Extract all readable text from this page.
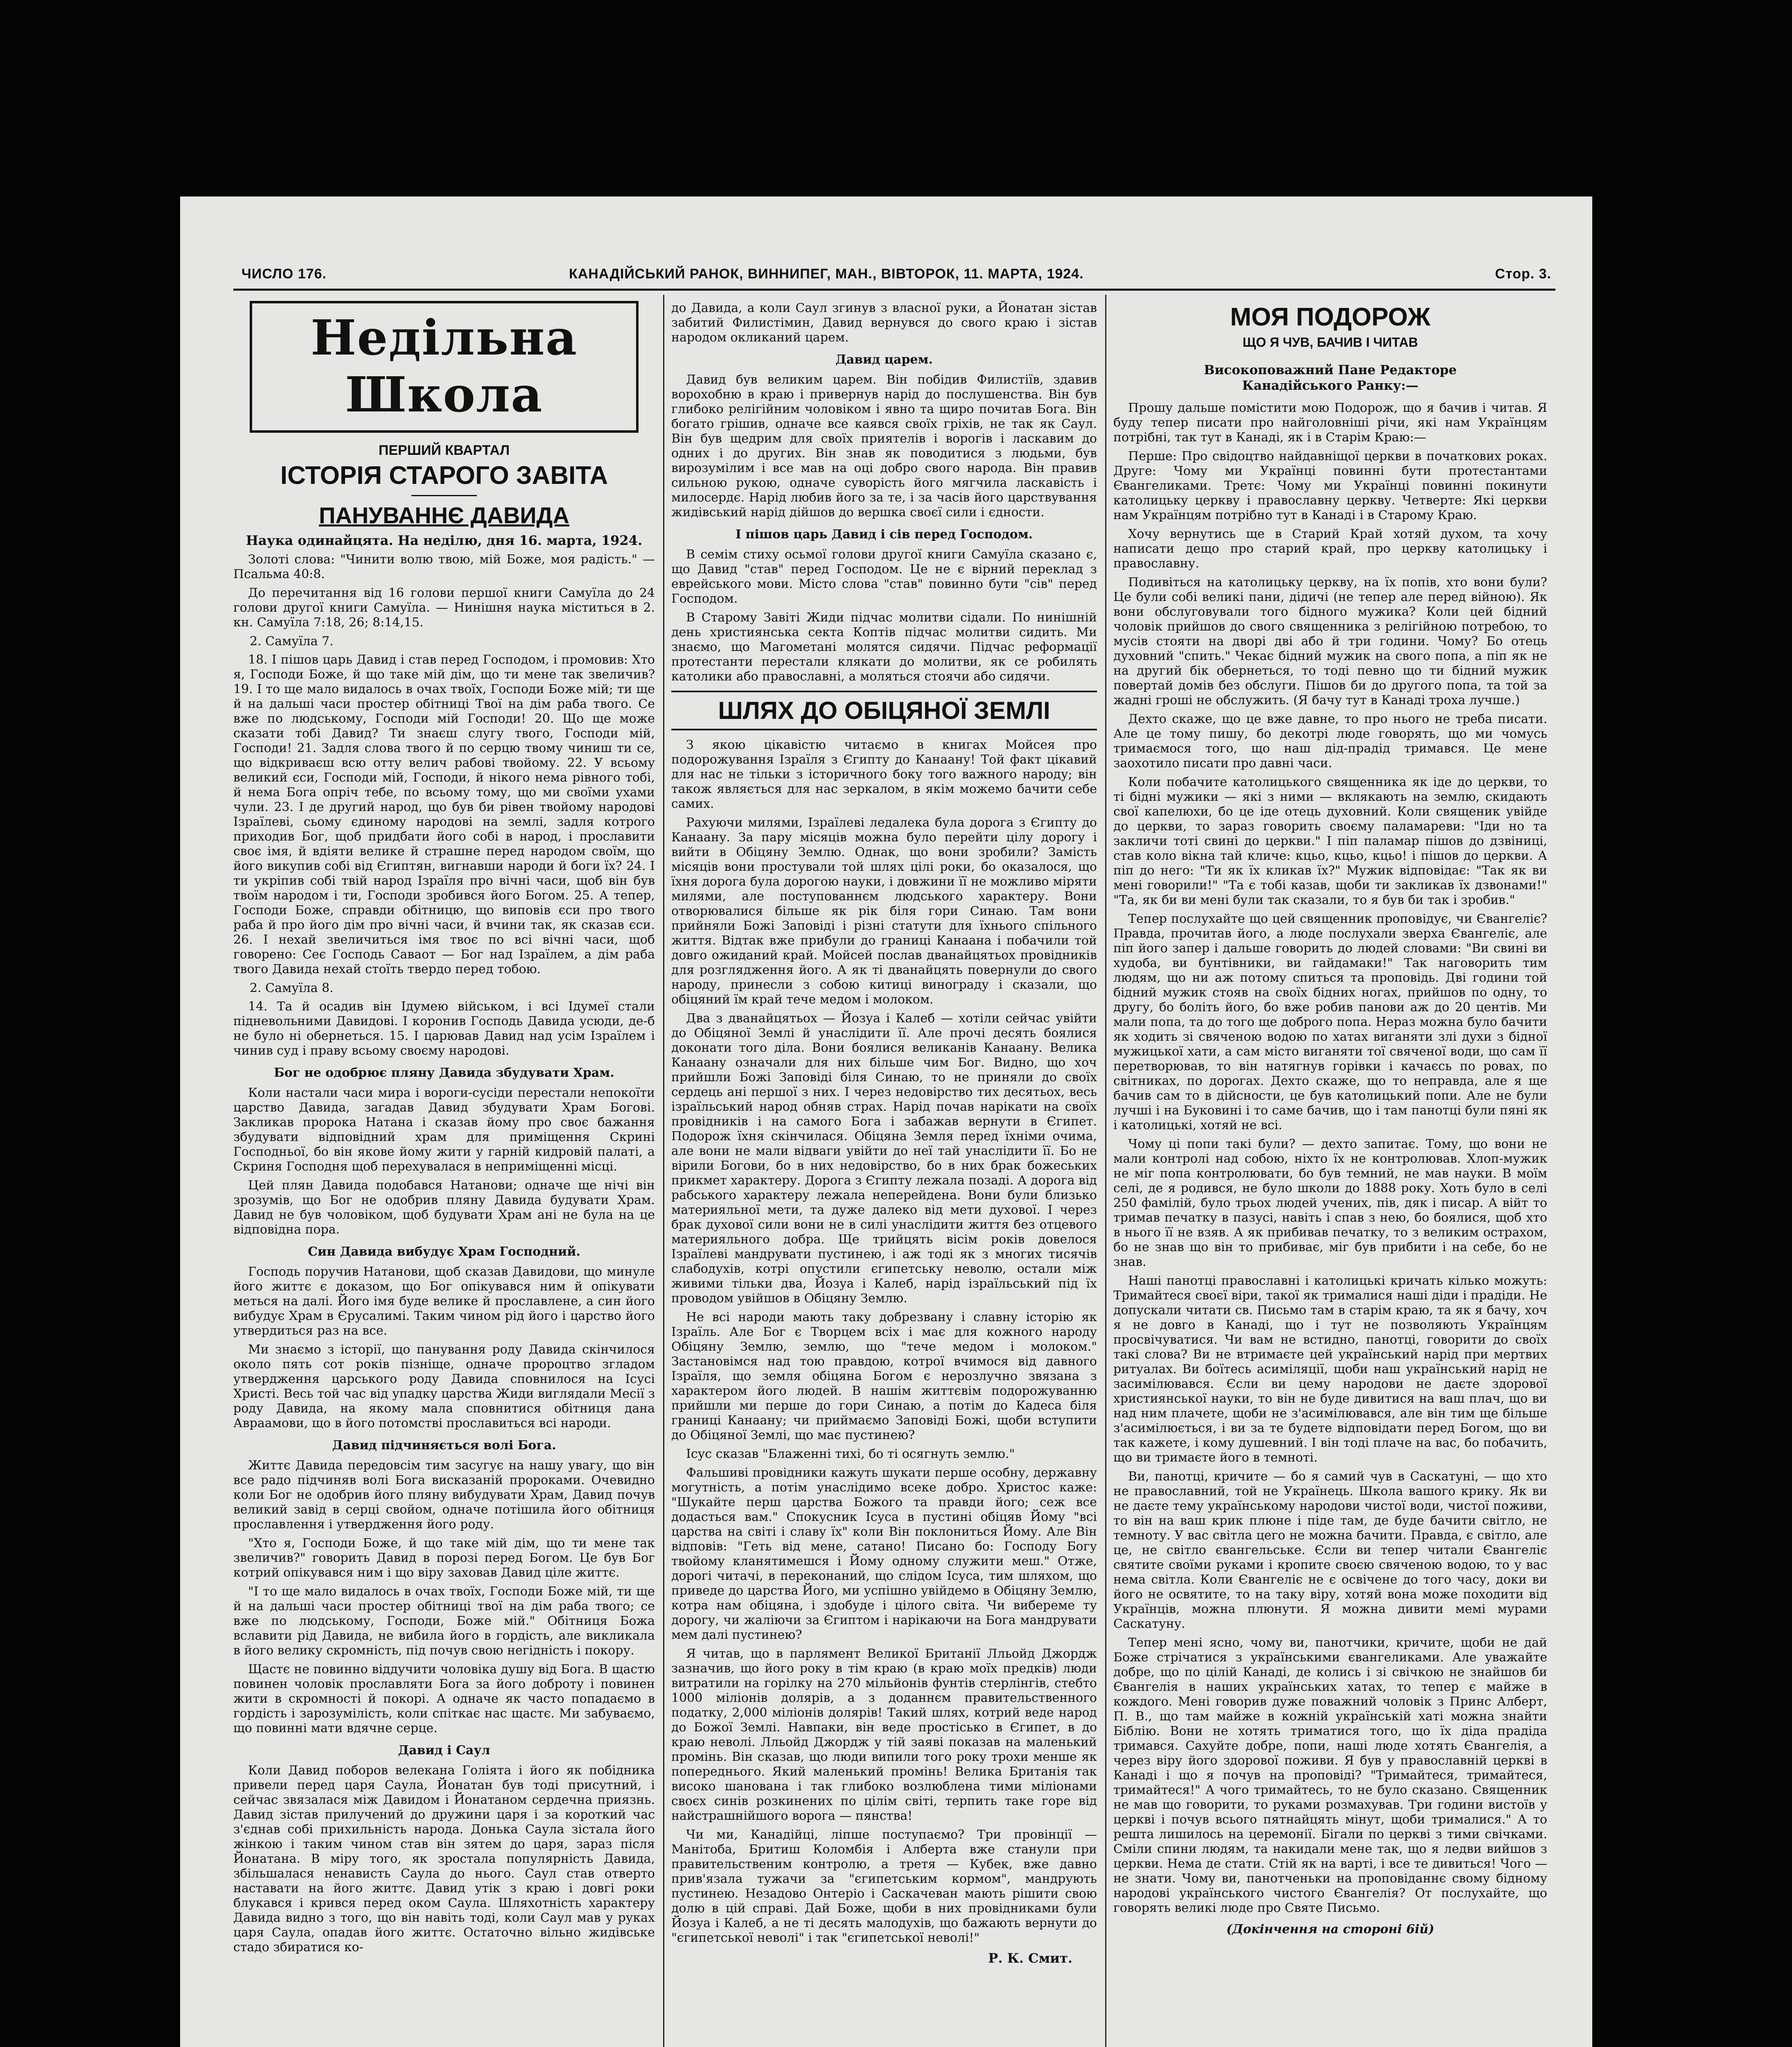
ЧИСЛО 176.	КАНАДІЙСЬКИЙ РАНОК, ВИННИПЕГ, МАН., ВІВТОРОК, 11. МАРТА, 1924.	Стор. 3.
Недільна Школа
ПЕРШИЙ КВАРТАЛ
ІСТОРІЯ СТАРОГО ЗАВІТА
ПАНУВАННЄ ДАВИДА
Наука одинайцята. На неділю, дня 16. марта, 1924.

Золоті слова: "Чинити волю твою, мій Боже, моя радість." — Псальма 40:8.

До перечитання від 16 голови першої книги Самуїла до 24 голови другої книги Самуїла. — Нинішня наука міститься в 2. кн. Самуїла 7:18, 26; 8:14,15.

2. Самуїла 7.

18. І пішов царь Давид і став перед Господом, і промовив: Хто я, Господи Боже, й що таке мій дім, що ти мене так звеличив? 19. І то ще мало видалось в очах твоїх, Господи Боже мій; ти ще й на дальші часи простер обітниці Твої на дім раба твого. Се вже по людському, Господи мій Господи! 20. Що ще може сказати тобі Давид? Ти знаєш слугу твого, Господи мій, Господи! 21. Задля слова твого й по серцю твому чиниш ти се, що відкриваєш всю отту велич рабові твойому. 22. У всьому великий єси, Господи мій, Господи, й нікого нема рівного тобі, й нема Бога опріч тебе, по всьому тому, що ми своїми ухами чули. 23. І де другий народ, що був би рівен твойому народові Ізраїлеві, сьому єдиному народові на землі, задля котрого приходив Бог, щоб придбати його собі в народ, і прославити своє імя, й вдіяти велике й страшне перед народом своїм, що його викупив собі від Єгиптян, вигнавши народи й боги їх? 24. І ти укріпив собі твій народ Ізраїля про вічні часи, щоб він був твоїм народом і ти, Господи зробився його Богом. 25. А тепер, Господи Боже, справди обітницю, що виповів єси про твого раба й про його дім про вічні часи, й вчини так, як сказав єси. 26. І нехай звеличиться імя твоє по всі вічні часи, щоб говорено: Сеє Господь Саваот — Бог над Ізраїлем, а дім раба твого Давида нехай стоїть твердо перед тобою.

2. Самуїла 8.

14. Та й осадив він Ідумею військом, і всі Ідумеї стали підневольними Давидові. І коронив Господь Давида усюди, де-б не було ні обернеться. 15. І царював Давид над усім Ізраїлем і чинив суд і праву всьому своєму народові.

Бог не одобрює пляну Давида збудувати Храм.

Коли настали часи мира і вороги-сусіди перестали непокоїти царство Давида, загадав Давид збудувати Храм Богові. Закликав пророка Натана і сказав йому про своє бажання збудувати відповідний храм для приміщення Скрині Господньої, бо він якове йому жити у гарній кидровій палаті, а Скриня Господня щоб перехувалася в неприміщенні місці.

Цей плян Давида подобався Натанови; одначе ще нічі він зрозумів, що Бог не одобрив пляну Давида будувати Храм. Давид не був чоловіком, щоб будувати Храм ані не була на це відповідна пора.

Син Давида вибудує Храм Господний.

Господь поручив Натанови, щоб сказав Давидови, що минуле його життє є доказом, що Бог опікувався ним й опікувати меться на далі. Його імя буде велике й прославлене, а син його вибудує Храм в Єрусалимі. Таким чином рід його і царство його утвердиться раз на все.

Ми знаємо з історії, що панування роду Давида скінчилося около пять сот років пізніще, одначе пророцтво згладом утвердження царського роду Давида сповнилося на Ісусі Христі. Весь той час від упадку царства Жиди виглядали Месії з роду Давида, на якому мала сповнитися обітниця дана Авраамови, що в його потомстві прославиться всі народи.

Давид підчиняється волі Бога.

Життє Давида передовсім тим засугує на нашу увагу, що він все радо підчиняв волі Бога висказаній пророками. Очевидно коли Бог не одобрив його пляну вибудувати Храм, Давид почув великий завід в серці свойом, одначе потішила його обітниця прославлення і утвердження його роду.

"Хто я, Господи Боже, й що таке мій дім, що ти мене так звеличив?" говорить Давид в порозі перед Богом. Це був Бог котрий опікувався ним і що віру заховав Давид ціле життє.

"І то ще мало видалось в очах твоїх, Господи Боже мій, ти ще й на дальші часи простер обітниці твої на дім раба твого; се вже по людському, Господи, Боже мій." Обітниця Божа вславити рід Давида, не вибила його в гордість, але викликала в його велику скромність, під почув свою негідність і покору.

Щастє не повинно віддучити чоловіка душу від Бога. В щастю повинен чоловік прославляти Бога за його доброту і повинен жити в скромності й покорі. А одначе як часто попадаємо в гордість і зарозумілість, коли спіткає нас щастє. Ми забуваємо, що повинні мати вдячне серце.

Давид і Саул

Коли Давид поборов велекана Голіята і його як побідника привели перед царя Саула, Йонатан був тоді присутний, і сейчас звязалася між Давидом і Йонатаном сердечна приязнь. Давид зістав прилучений до дружини царя і за короткий час з'єднав собі прихильність народа. Донька Саула зістала його жінкою і таким чином став він зятем до царя, зараз після Йонатана. В міру того, як зростала популярність Давида, збільшалася ненависть Саула до нього. Саул став отверто наставати на його життє. Давид утік з краю і довгі роки блукався і крився перед оком Саула. Шляхотність характеру Давида видно з того, що він навіть тоді, коли Саул мав у руках царя Саула, опадав його життє. Остаточно вільно жидівське стадо збиратися ко-

до Давида, а коли Саул згинув з власної руки, а Йонатан зістав забитий Филистімин, Давид вернувся до свого краю і зістав народом окликаний царем.

Давид царем.

Давид був великим царем. Він побідив Филистіїв, здавив ворохобню в краю і привернув нарід до послушенства. Він був глибоко релігійним чоловіком і явно та щиро почитав Бога. Він богато грішив, одначе все каявся своїх гріхів, не так як Саул. Він був щедрим для своїх приятелів і ворогів і ласкавим до одних і до других. Він знав як поводитися з людьми, був вирозумілим і все мав на оці добро свого народа. Він правив сильною рукою, одначе суворість його мягчила ласкавість і милосердє. Нарід любив його за те, і за часів його царствування жидівський нарід дійшов до вершка своєї сили і єдности.

І пішов царь Давид і сів перед Господом.

В семім стиху осьмої голови другої книги Самуїла сказано є, що Давид "став" перед Господом. Це не є вірний переклад з еврейського мови. Місто слова "став" повинно бути "сів" перед Господом.

В Старому Завіті Жиди підчас молитви сідали. По нинішній день християнська секта Коптів підчас молитви сидить. Ми знаємо, що Магометані молятся сидячи. Підчас реформації протестанти перестали клякати до молитви, як се робилять католики або православні, а моляться стоячи або сидячи.

ШЛЯХ ДО ОБІЦЯНОЇ ЗЕМЛІ

З якою цікавістю читаємо в книгах Мойсея про подорожування Ізраїля з Єгипту до Канаану! Той факт цікавий для нас не тільки з історичного боку того важного народу; він також являється для нас зеркалом, в якім можемо бачити себе самих.

Рахуючи милями, Ізраїлеві ледалека була дорога з Єгипту до Канаану. За пару місяців можна було перейти цілу дорогу і вийти в Обіцяну Землю. Однак, що вони зробили? Замість місяців вони простували той шлях цілі роки, бо оказалося, що їхня дорога була дорогою науки, і довжини її не можливо міряти милями, але поступованнєм людського характеру. Вони отворювалися більше як рік біля гори Синаю. Там вони прийняли Божі Заповіді і різні статути для їхнього спільного життя. Відтак вже прибули до границі Канаана і побачили той довго ожиданий край. Мойсей послав дванайцятьох провідників для розглядження його. А як ті дванайцять повернули до свого народу, принесли з собою китиці винограду і сказали, що обіцяний їм край тече медом і молоком.

Два з дванайцятьох — Йозуа і Калеб — хотіли сейчас увійти до Обіцяної Землі й унаслідити її. Але прочі десять боялися доконати того діла. Вони боялися великанів Канаану. Велика Канаану означали для них більше чим Бог. Видно, що хоч прийшли Божі Заповіді біля Синаю, то не приняли до своїх сердець ані першої з них. І через недовірство тих десятьох, весь ізраїльський народ обняв страх. Нарід почав нарікати на своїх провідників і на самого Бога і забажав вернути в Єгипет. Подорож їхня скінчилася. Обіцяна Земля перед їхніми очима, але вони не мали відваги увійти до неї тай унаслідити її. Бо не вірили Богови, бо в них недовірство, бо в них брак божеських прикмет характеру. Дорога з Єгипту лежала позаді. А дорога від рабського характеру лежала неперейдена. Вони були близько материяльної мети, та дуже далеко від мети духової. І через брак духової сили вони не в силі унаслідити життя без отцевого материяльного добра. Ще трийцять вісім років довелося Ізраїлеві мандрувати пустинею, і аж тоді як з многих тисячів слабодухів, котрі опустили єгипетську неволю, остали між живими тільки два, Йозуа і Калеб, нарід ізраїльський під їх проводом увійшов в Обіцяну Землю.

Не всі народи мають таку добрезвану і славну історію як Ізраїль. Але Бог є Творцем всіх і має для кожного народу Обіцяну Землю, землю, що "тече медом і молоком." Застановімся над тою правдою, котрої вчимося від давного Ізраїля, що земля обіцяна Богом є нерозлучно звязана з характером його людей. В нашім життєвім подорожуванню прийшли ми перше до гори Синаю, а потім до Кадеса біля границі Канаану; чи приймаємо Заповіді Божі, щоби вступити до Обіцяної Землі, що має пустинею?

Ісус сказав "Блаженні тихі, бо ті осягнуть землю."

Фальшиві провідники кажуть шукати перше особну, державну могутність, а потім унаслідимо всеке добро. Христос каже: "Шукайте перш царства Божого та правди його; сеж все додасться вам." Спокусник Ісуса в пустині обіцяв Йому "всі царства на світі і славу їх" коли Він поклониться Йому. Але Він відповів: "Геть від мене, сатано! Писано бо: Господу Богу твойому кланятимешся і Йому одному служити меш." Отже, дорогі читачі, в переконаний, що слідом Ісуса, тим шляхом, що приведе до царства Його, ми успішно увійдемо в Обіцяну Землю, котра нам обіцяна, і здобуде і цілого світа. Чи вибереме ту дорогу, чи жаліючи за Єгиптом і нарікаючи на Бога мандрувати мем далі пустинею?

Я читав, що в парлямент Великої Британії Лльойд Джордж зазначив, що його року в тім краю (в краю моїх предків) люди витратили на горілку на 270 мільйонів фунтів стерлінгів, стебто 1000 міліонів долярів, а з доданнєм правительственного податку, 2,000 міліонів долярів! Такий шлях, котрий веде народ до Божої Землі. Навпаки, він веде простісько в Єгипет, в до краю неволі. Лльойд Джордж у тій заяві показав на маленький промінь. Він сказав, що люди випили того року трохи менше як попереднього. Який маленький промінь! Велика Британія так високо шанована і так глибоко возлюблена тими міліонами своєх синів розкинених по цілім світі, терпить таке горе від найстрашнійшого ворога — пянства!

Чи ми, Канадійці, ліпше поступаємо? Три провінції — Манітоба, Бритиш Коломбія і Алберта вже станули при правительственим контролю, а третя — Кубек, вже давно прив'язала тужачи за "єгипетським кормом", мандрують пустинею. Незадово Онтеріо і Саскачеван мають рішити свою долю в цій справі. Дай Боже, щоби в них провідниками були Йозуа і Калеб, а не ті десять малодухів, що бажають вернути до "єгипетської неволі" і так "єгипетської неволі!"

Р. К. Смит.
МОЯ ПОДОРОЖ
ЩО Я ЧУВ, БАЧИВ І ЧИТАВ
Високоповажний Пане Редакторе
Канадійського Ранку:—

Прошу дальше помістити мою Подорож, що я бачив і читав. Я буду тепер писати про найголовніші річи, які нам Українцям потрібні, так тут в Канаді, як і в Старім Краю:—

Перше: Про свідоцтво найдавніщої церкви в початкових роках. Друге: Чому ми Українці повинні бути протестантами Євангеликами. Третє: Чому ми Українці повинні покинути католицьку церкву і православну церкву. Четверте: Які церкви нам Українцям потрібно тут в Канаді і в Старому Краю.

Хочу вернутись ще в Старий Край хотяй духом, та хочу написати дещо про старий край, про церкву католицьку і православну.

Подивіться на католицьку церкву, на їх попів, хто вони були? Це були собі великі пани, дідичі (не тепер але перед війною). Як вони обслуговували того бідного мужика? Коли цей бідний чоловік прийшов до свого священника з релігійною потребою, то мусів стояти на дворі дві або й три години. Чому? Бо отець духовний "спить." Чекає бідний мужик на свого попа, а піп як не на другий бік обернеться, то тоді певно що ти бідний мужик повертай домів без обслуги. Пішов би до другого попа, та той за жадні гроші не обслужить. (Я бачу тут в Канаді троха лучше.)

Дехто скаже, що це вже давне, то про нього не треба писати. Але це тому пишу, бо декотрі люде говорять, що ми чомусь тримаємося того, що наш дід-прадід тримався. Це мене заохотило писати про давні часи.

Коли побачите католицького священника як іде до церкви, то ті бідні мужики — які з ними — вклякають на землю, скидають свої капелюхи, бо це іде отець духовний. Коли священик увійде до церкви, то зараз говорить своєму паламареви: "Іди но та закличи тоті свині до церкви." І піп паламар пішов до дзвіниці, став коло вікна тай кличе: кцьо, кцьо, кцьо! і пішов до церкви. А піп до него: "Ти як їх кликав їх?" Мужик відповідає: "Так як ви мені говорили!" "Та є тобі казав, щоби ти закликав їх дзвонами!" "Та, як би ви мені були так сказали, то я був би так і зробив."

Тепер послухайте що цей священник проповідує, чи Євангеліє? Правда, прочитав його, а люде послухали зверха Євангеліє, але піп його запер і дальше говорить до людей словами: "Ви свині ви худоба, ви бунтівники, ви гайдамаки!" Так наговорить тим людям, що ни аж потому спиться та проповідь. Дві години той бідний мужик стояв на своїх бідних ногах, прийшов по одну, то другу, бо боліть його, бо вже робив панови аж до 20 центів. Ми мали попа, та до того ще доброго попа. Нераз можна було бачити як ходить зі свяченою водою по хатах виганяти злі духи з бідної мужицької хати, а сам місто виганяти тої свяченої води, що сам її перетворював, то він натягнув горівки і качаєсь по ровах, по світниках, по дорогах. Дехто скаже, що то неправда, але я ще бачив сам то в дійсности, це був католицький попи. Але не були лучші і на Буковині і то саме бачив, що і там панотці були пяні як і католицькі, хотяй не всі.

Чому ці попи такі були? — дехто запитає. Тому, що вони не мали контролі над собою, ніхто їх не контролював. Хлоп-мужик не міг попа контролювати, бо був темний, не мав науки. В моїм селі, де я родився, не було школи до 1888 року. Хоть було в селі 250 фамілій, було трьох людей учених, пів, дяк і писар. А війт то тримав печатку в пазусі, навіть і спав з нею, бо боялися, щоб хто в нього її не взяв. А як прибивав печатку, то з великим острахом, бо не знав що він то прибиває, міг був прибити і на себе, бо не знав.

Наші панотці православні і католицькі кричать кілько можуть: Тримайтеся своєї віри, такої як трималися наші діди і прадіди. Не допускали читати св. Письмо там в старім краю, та як я бачу, хоч я не довго в Канаді, що і тут не позволяють Українцям просвічуватися. Чи вам не встидно, панотці, говорити до своїх такі слова? Ви не втримаєте цей український нарід при мертвих ритуалах. Ви боїтесь асиміляції, щоби наш український нарід не засимілювався. Єсли ви цему народови не даєте здорової християнської науки, то він не буде дивитися на ваш плач, що ви над ним плачете, щоби не з'асимілювався, але він тим ще більше з'асимілюється, і ви за те будете відповідати перед Богом, що ви так кажете, і кому душевний. І він тоді плаче на вас, бо побачить, що ви тримаєте його в темноті.

Ви, панотці, кричите — бо я самий чув в Саскатуні, — що хто не православний, той не Українець. Школа вашого крику. Як ви не даєте тему українському народови чистої води, чистої поживи, то він на ваш крик плюне і піде там, де буде бачити світло, не темноту. У вас світла цего не можна бачити. Правда, є світло, але це, не світло євангельське. Єсли ви тепер читали Євангеліє святите своїми руками і кропите своєю свяченою водою, то у вас нема світла. Коли Євангеліє не є освічене до того часу, доки ви його не освятите, то на таку віру, хотяй вона може походити від Українців, можна плюнути. Я можна дивити мемі мурами Саскатуну.

Тепер мені ясно, чому ви, панотчики, кричите, щоби не дай Боже стрічатися з українськими євангеликами. Але уважайте добре, що по цілій Канаді, де колись і зі свічкою не знайшов би Євангелія в наших українських хатах, то тепер є майже в кождого. Мені говорив дуже поважний чоловік з Принс Алберт, П. В., що там майже в кожній українській хаті можна знайти Біблію. Вони не хотять триматися того, що їх діда прадіда тримався. Сахуйте добре, попи, наші люде хотять Євангелія, а через віру його здорової поживи. Я був у православній церкві в Канаді і що я почув на проповіді? "Тримайтеся, тримайтеся, тримайтеся!" А чого тримайтесь, то не було сказано. Священник не мав що говорити, то руками розмахував. Три години вистоїв у церкві і почув всього пятнайцять мінут, щоби трималися." А то решта лишилось на церемонії. Бігали по церкві з тими свічками. Сміли спини людям, та накидали мене так, що я ледви вийшов з церкви. Нема де стати. Стій як на варті, і все те дивиться! Чого — не знати. Чому ви, панотченьки на проповіданнє свому бідному народові українського чистого Євангелія? От послухайте, що говорять великі люде про Святе Письмо.

(Докінчення на стороні 6ій)
